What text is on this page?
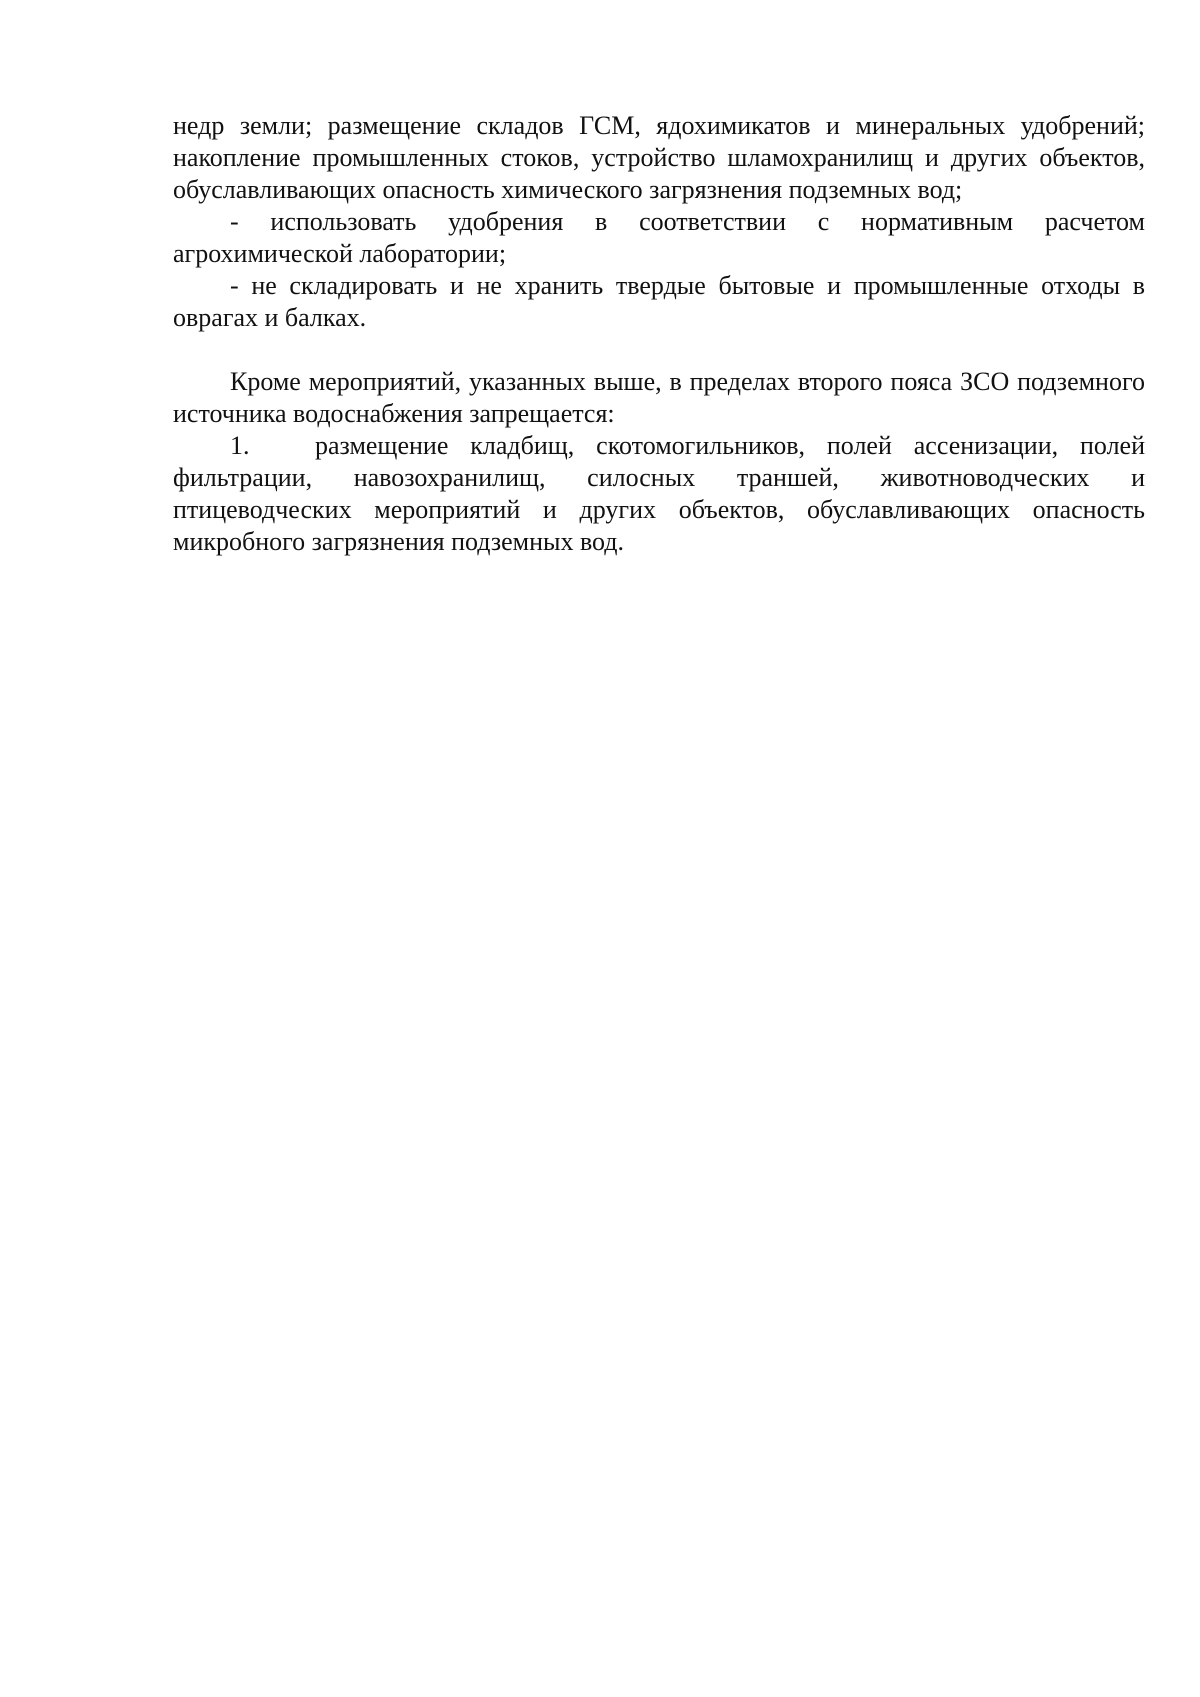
недр земли; размещение складов ГСМ, ядохимикатов и минеральных удобрений; накопление промышленных стоков, устройство шламохранилищ и других объектов, обуславливающих опасность химического загрязнения подземных вод;

- использовать удобрения в соответствии с нормативным расчетом агрохимической лаборатории;

- не складировать и не хранить твердые бытовые и промышленные отходы в оврагах и балках.

Кроме мероприятий, указанных выше, в пределах второго пояса ЗСО подземного источника водоснабжения запрещается:

1.	размещение кладбищ, скотомогильников, полей ассенизации, полей фильтрации, навозохранилищ, силосных траншей, животноводческих и птицеводческих мероприятий и других объектов, обуславливающих опасность микробного загрязнения подземных вод.
